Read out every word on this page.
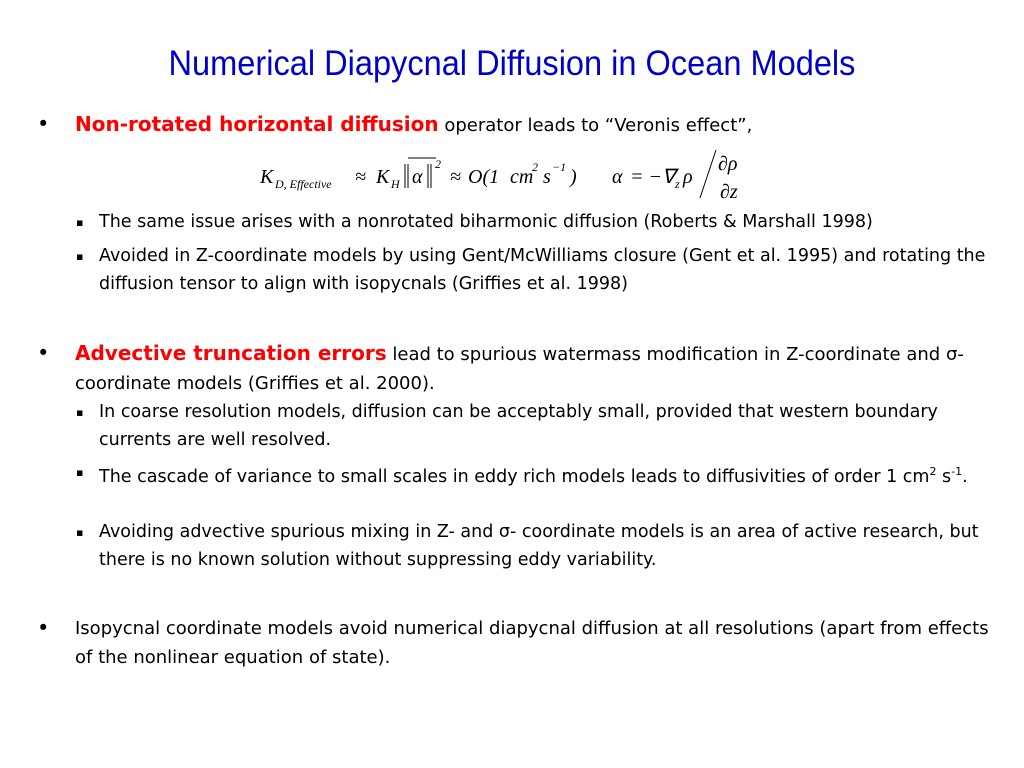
Numerical Diapycnal Diffusion in Ocean Models
• Non-rotated horizontal diffusion operator leads to “Veronis effect”,
K D, Effective ≈ K H α
2
≈ O(1 cm
2 s −1 ) α = −∇ z ρ
∂ρ
∂z
▪ The same issue arises with a nonrotated biharmonic diffusion (Roberts & Marshall 1998)
▪ Avoided in Z-coordinate models by using Gent/McWilliams closure (Gent et al. 1995) and rotating the diffusion tensor to align with isopycnals (Griffies et al. 1998)
• Advective truncation errors lead to spurious watermass modification in Z-coordinate and σ-coordinate models (Griffies et al. 2000).
▪ In coarse resolution models, diffusion can be acceptably small, provided that western boundary currents are well resolved.
▪ The cascade of variance to small scales in eddy rich models leads to diffusivities of order 1 $cm^2$ $s^{-1}$.
▪ Avoiding advective spurious mixing in Z- and σ- coordinate models is an area of active research, but there is no known solution without suppressing eddy variability.
• Isopycnal coordinate models avoid numerical diapycnal diffusion at all resolutions (apart from effects of the nonlinear equation of state).
